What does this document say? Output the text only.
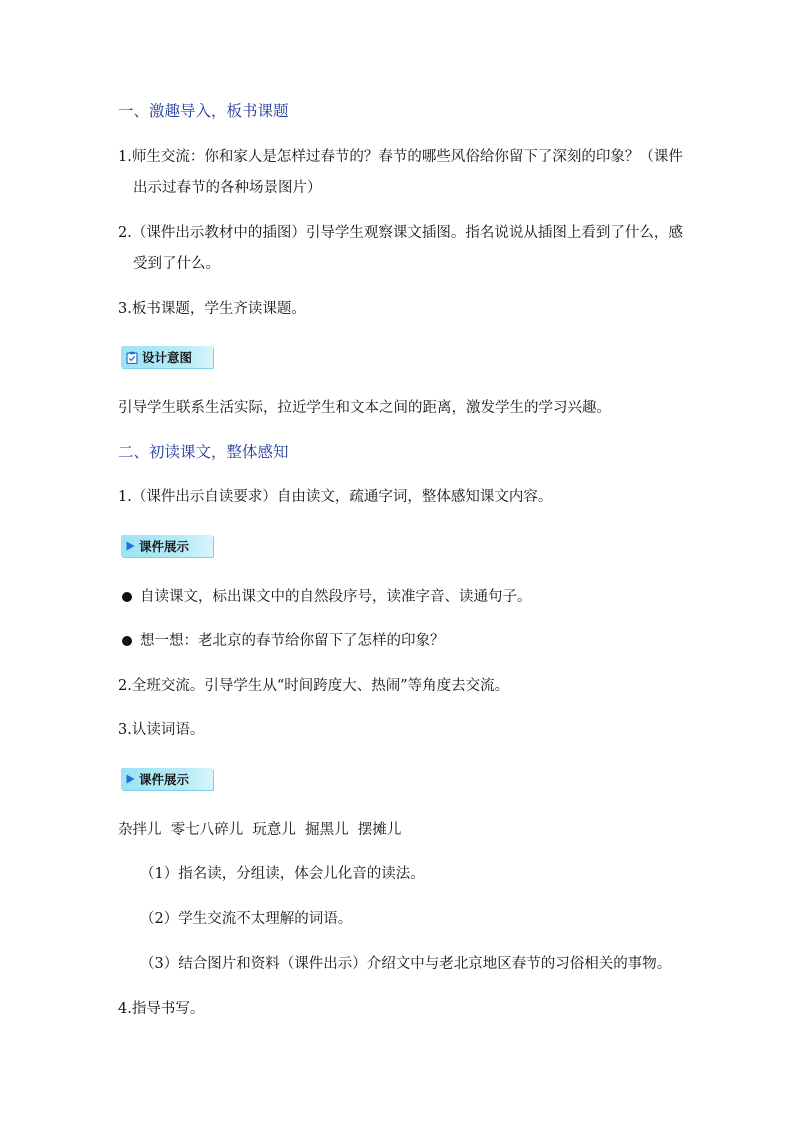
一、激趣导入，板书课题
1.师生交流：你和家人是怎样过春节的？春节的哪些风俗给你留下了深刻的印象？（课件
出示过春节的各种场景图片）
2.（课件出示教材中的插图）引导学生观察课文插图。指名说说从插图上看到了什么，感
受到了什么。
3.板书课题，学生齐读课题。
设计意图
引导学生联系生活实际，拉近学生和文本之间的距离，激发学生的学习兴趣。
二、初读课文，整体感知
1.（课件出示自读要求）自由读文，疏通字词，整体感知课文内容。
课件展示
自读课文，标出课文中的自然段序号，读准字音、读通句子。
想一想：老北京的春节给你留下了怎样的印象？
2.全班交流。引导学生从“时间跨度大、热闹”等角度去交流。
3.认读词语。
课件展示
杂拌儿  零七八碎儿  玩意儿  掘黑儿  摆摊儿
（1）指名读，分组读，体会儿化音的读法。
（2）学生交流不太理解的词语。
（3）结合图片和资料（课件出示）介绍文中与老北京地区春节的习俗相关的事物。
4.指导书写。
